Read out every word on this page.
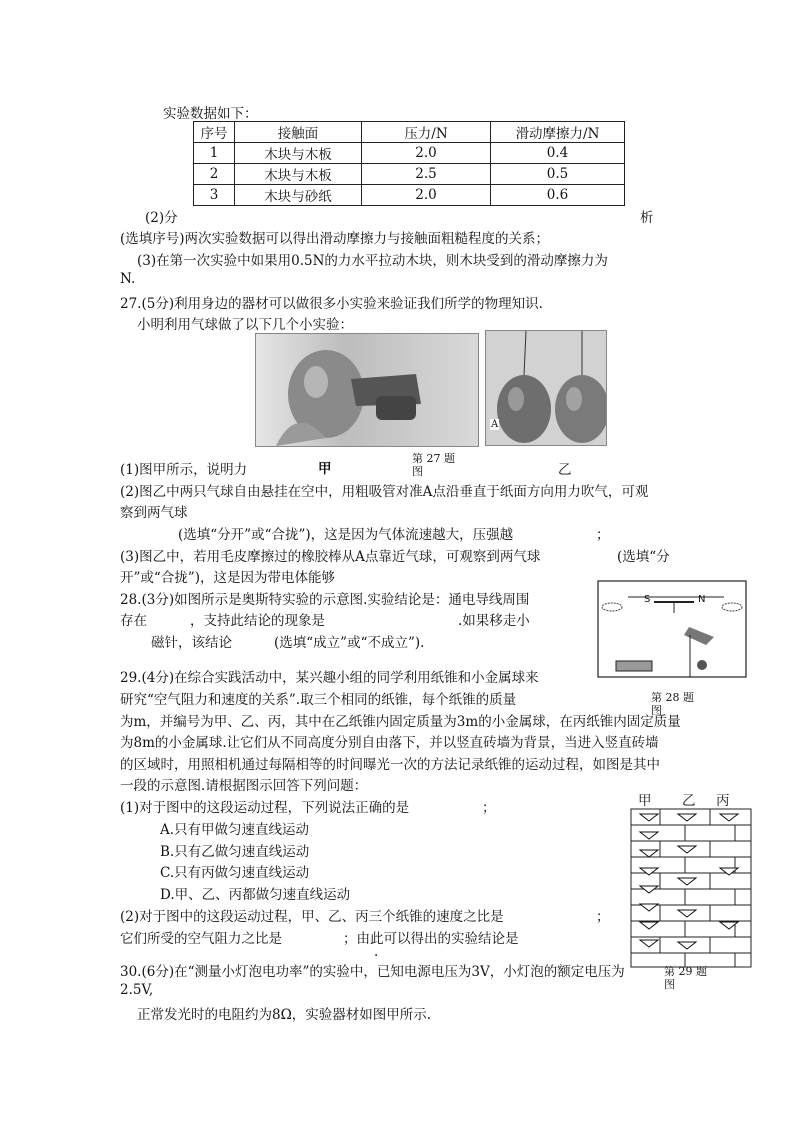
实验数据如下：
序号	接触面	压力/N	滑动摩擦力/N
1	木块与木板	2.0	0.4
2	木块与木板	2.5	0.5
3	木块与砂纸	2.0	0.6
(2)分	析
(选填序号)两次实验数据可以得出滑动摩擦力与接触面粗糙程度的关系；
(3)在第一次实验中如果用0.5N的力水平拉动木块，则木块受到的滑动摩擦力为
N.
27.(5分)利用身边的器材可以做很多小实验来验证我们所学的物理知识.
小明利用气球做了以下几个小实验：
A
(1)图甲所示，说明力	甲
第 27 题
图	乙
(2)图乙中两只气球自由悬挂在空中，用粗吸管对准A点沿垂直于纸面方向用力吹气，可观
察到两气球
(选填“分开”或“合拢”)，这是因为气体流速越大，压强越	；
(3)图乙中，若用毛皮摩擦过的橡胶棒从A点靠近气球，可观察到两气球	(选填“分
开”或“合拢”)，这是因为带电体能够
28.(3分)如图所示是奥斯特实验的示意图.实验结论是：通电导线周围
存在	，支持此结论的现象是	.如果移走小
磁针，该结论	(选填“成立”或“不成立”).
S	N
第 28 题
图
29.(4分)在综合实践活动中，某兴趣小组的同学利用纸锥和小金属球来
研究“空气阻力和速度的关系”.取三个相同的纸锥，每个纸锥的质量
为m，并编号为甲、乙、丙，其中在乙纸锥内固定质量为3m的小金属球，在丙纸锥内固定质量
为8m的小金属球.让它们从不同高度分别自由落下，并以竖直砖墙为背景，当进入竖直砖墙
的区域时，用照相机通过每隔相等的时间曝光一次的方法记录纸锥的运动过程，如图是其中
一段的示意图.请根据图示回答下列问题：
(1)对于图中的这段运动过程，下列说法正确的是	；
A.只有甲做匀速直线运动
B.只有乙做匀速直线运动
C.只有丙做匀速直线运动
D.甲、乙、丙都做匀速直线运动
(2)对于图中的这段运动过程，甲、乙、丙三个纸锥的速度之比是	；
它们所受的空气阻力之比是	；由此可以得出的实验结论是
.
甲 乙 丙
30.(6分)在“测量小灯泡电功率”的实验中，已知电源电压为3V，小灯泡的额定电压为	第 29 题
图
2.5V,
正常发光时的电阻约为8Ω，实验器材如图甲所示.
